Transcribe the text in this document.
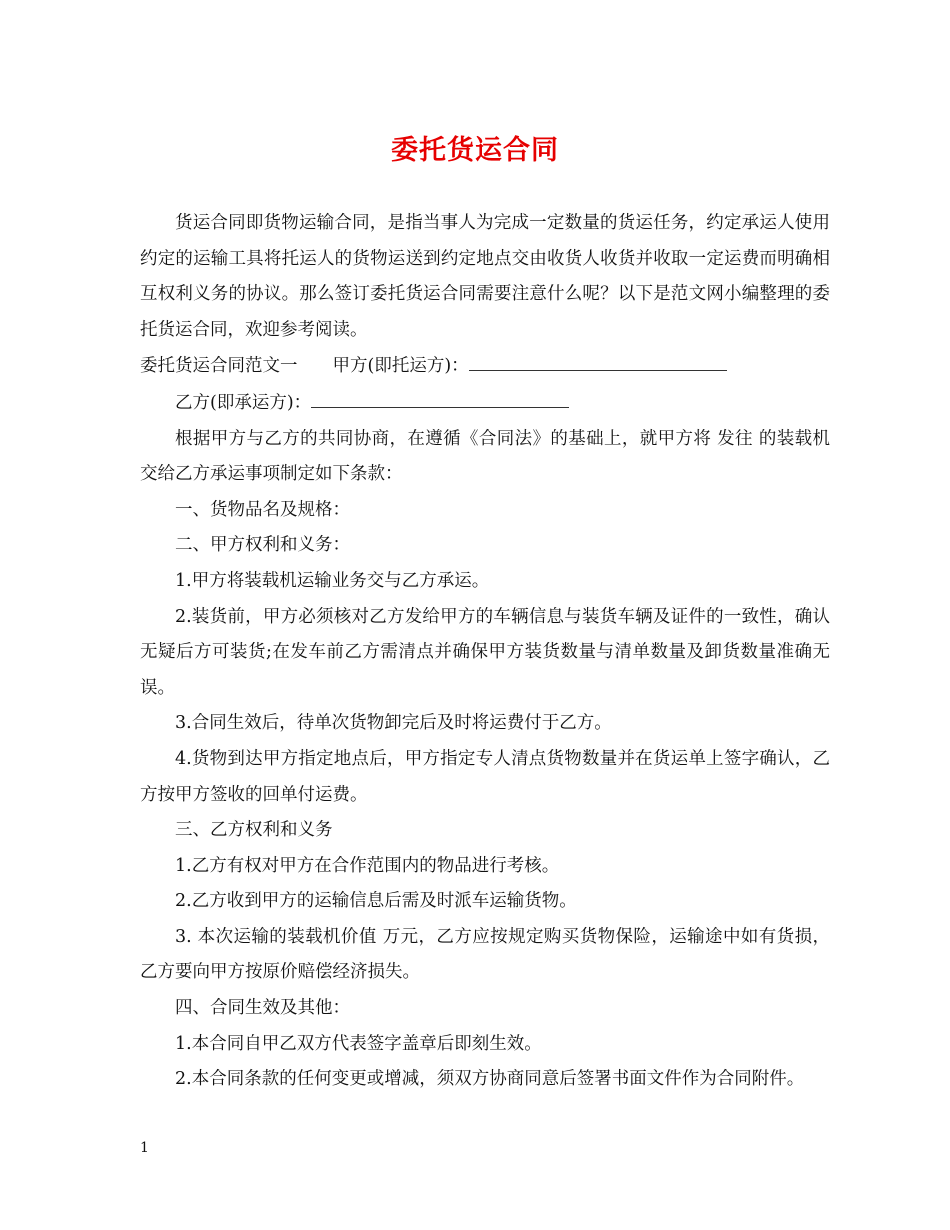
委托货运合同

货运合同即货物运输合同，是指当事人为完成一定数量的货运任务，约定承运人使用约定的运输工具将托运人的货物运送到约定地点交由收货人收货并收取一定运费而明确相互权利义务的协议。那么签订委托货运合同需要注意什么呢？以下是范文网小编整理的委托货运合同，欢迎参考阅读。

委托货运合同范文一 甲方(即托运方)：

乙方(即承运方)：

根据甲方与乙方的共同协商，在遵循《合同法》的基础上，就甲方将 发往 的装载机交给乙方承运事项制定如下条款：

一、货物品名及规格：

二、甲方权利和义务：

1.甲方将装载机运输业务交与乙方承运。

2.装货前，甲方必须核对乙方发给甲方的车辆信息与装货车辆及证件的一致性，确认无疑后方可装货;在发车前乙方需清点并确保甲方装货数量与清单数量及卸货数量准确无误。

3.合同生效后，待单次货物卸完后及时将运费付于乙方。

4.货物到达甲方指定地点后，甲方指定专人清点货物数量并在货运单上签字确认，乙方按甲方签收的回单付运费。

三、乙方权利和义务

1.乙方有权对甲方在合作范围内的物品进行考核。

2.乙方收到甲方的运输信息后需及时派车运输货物。

3. 本次运输的装载机价值 万元，乙方应按规定购买货物保险，运输途中如有货损，乙方要向甲方按原价赔偿经济损失。

四、合同生效及其他：

1.本合同自甲乙双方代表签字盖章后即刻生效。

2.本合同条款的任何变更或增减，须双方协商同意后签署书面文件作为合同附件。

1
